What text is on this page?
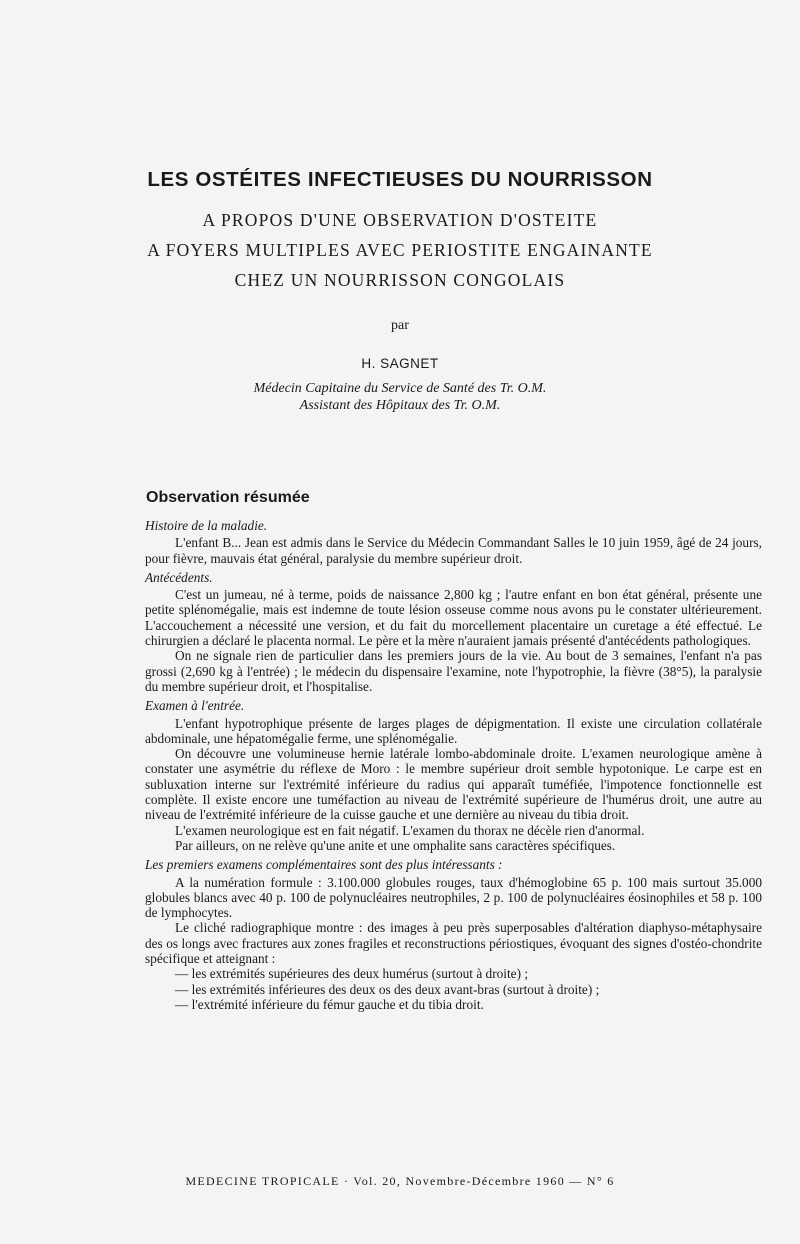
LES OSTÉITES INFECTIEUSES DU NOURRISSON
A PROPOS D'UNE OBSERVATION D'OSTEITE
A FOYERS MULTIPLES AVEC PERIOSTITE ENGAINANTE
CHEZ UN NOURRISSON CONGOLAIS
par
H. SAGNET
Médecin Capitaine du Service de Santé des Tr. O.M.
Assistant des Hôpitaux des Tr. O.M.
Observation résumée

Histoire de la maladie.

L'enfant B... Jean est admis dans le Service du Médecin Commandant Salles le 10 juin 1959, âgé de 24 jours, pour fièvre, mauvais état général, paralysie du membre supérieur droit.

Antécédents.

C'est un jumeau, né à terme, poids de naissance 2,800 kg ; l'autre enfant en bon état général, présente une petite splénomégalie, mais est indemne de toute lésion osseuse comme nous avons pu le constater ultérieurement. L'accouchement a nécessité une version, et du fait du morcellement placentaire un curetage a été effectué. Le chirurgien a déclaré le placenta normal. Le père et la mère n'auraient jamais présenté d'antécédents pathologiques.

On ne signale rien de particulier dans les premiers jours de la vie. Au bout de 3 semaines, l'enfant n'a pas grossi (2,690 kg à l'entrée) ; le médecin du dispensaire l'examine, note l'hypotrophie, la fièvre (38°5), la paralysie du membre supérieur droit, et l'hospitalise.

Examen à l'entrée.

L'enfant hypotrophique présente de larges plages de dépigmentation. Il existe une circulation collatérale abdominale, une hépatomégalie ferme, une splénomégalie.

On découvre une volumineuse hernie latérale lombo-abdominale droite. L'examen neurologique amène à constater une asymétrie du réflexe de Moro : le membre supérieur droit semble hypotonique. Le carpe est en subluxation interne sur l'extrémité inférieure du radius qui apparaît tuméfiée, l'impotence fonctionnelle est complète. Il existe encore une tuméfaction au niveau de l'extrémité supérieure de l'humérus droit, une autre au niveau de l'extrémité inférieure de la cuisse gauche et une dernière au niveau du tibia droit.

L'examen neurologique est en fait négatif. L'examen du thorax ne décèle rien d'anormal.

Par ailleurs, on ne relève qu'une anite et une omphalite sans caractères spécifiques.

Les premiers examens complémentaires sont des plus intéressants :

A la numération formule : 3.100.000 globules rouges, taux d'hémoglobine 65 p. 100 mais surtout 35.000 globules blancs avec 40 p. 100 de polynucléaires neutrophiles, 2 p. 100 de polynucléaires éosinophiles et 58 p. 100 de lymphocytes.

Le cliché radiographique montre : des images à peu près superposables d'altération diaphyso-métaphysaire des os longs avec fractures aux zones fragiles et reconstructions périostiques, évoquant des signes d'ostéo-chondrite spécifique et atteignant :

— les extrémités supérieures des deux humérus (surtout à droite) ;

— les extrémités inférieures des deux os des deux avant-bras (surtout à droite) ;

— l'extrémité inférieure du fémur gauche et du tibia droit.

MEDECINE TROPICALE · Vol. 20, Novembre-Décembre 1960 — N° 6
